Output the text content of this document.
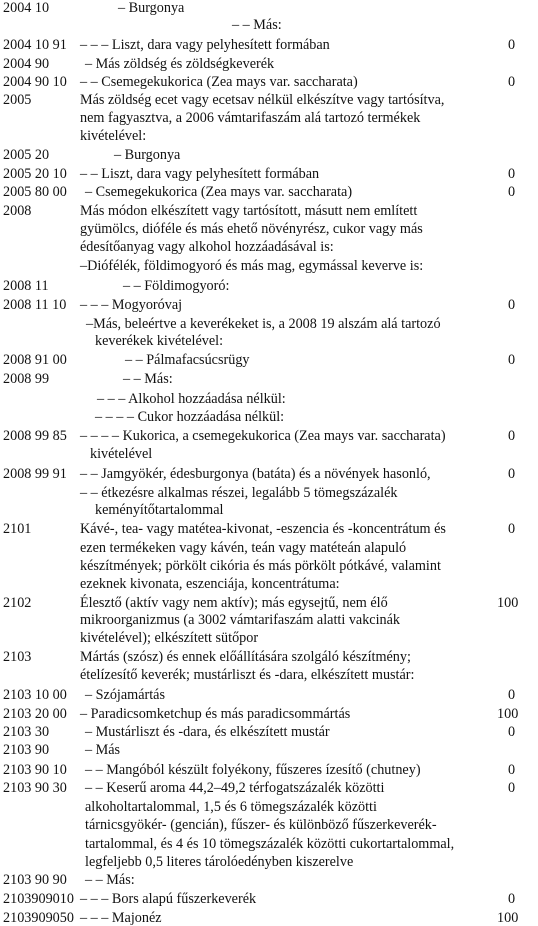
2004 10	– Burgonya
– – Más:
2004 10 91 – – – Liszt, dara vagy pelyhesített formában	0
2004 90	– Más zöldség és zöldségkeverék
2004 90 10 – – Csemegekukorica (Zea mays var. saccharata)	0
2005	Más zöldség ecet vagy ecetsav nélkül elkészítve vagy tartósítva,
nem fagyasztva, a 2006 vámtarifaszám alá tartozó termékek
kivételével:
2005 20	– Burgonya
2005 20 10 – – Liszt, dara vagy pelyhesített formában	0
2005 80 00 – Csemegekukorica (Zea mays var. saccharata)	0
2008	Más módon elkészített vagy tartósított, másutt nem említett
gyümölcs, dióféle és más ehető növényrész, cukor vagy más
édesítőanyag vagy alkohol hozzáadásával is:
–Diófélék, földimogyoró és más mag, egymással keverve is:
2008 11	– – Földimogyoró:
2008 11 10 – – – Mogyoróvaj	0
–Más, beleértve a keverékeket is, a 2008 19 alszám alá tartozó
keverékek kivételével:
2008 91 00	– – Pálmafacsúcsrügy	0
2008 99	– – Más:
– – – Alkohol hozzáadása nélkül:
– – – – Cukor hozzáadása nélkül:
2008 99 85 – – – – Kukorica, a csemegekukorica (Zea mays var. saccharata)	0
kivételével
2008 99 91 – – Jamgyökér, édesburgonya (batáta) és a növények hasonló,	0
– – étkezésre alkalmas részei, legalább 5 tömegszázalék
keményítőtartalommal
2101	Kávé-, tea- vagy matétea-kivonat, -eszencia és -koncentrátum és	0
ezen termékeken vagy kávén, teán vagy matéteán alapuló
készítmények; pörkölt cikória és más pörkölt pótkávé, valamint
ezeknek kivonata, eszenciája, koncentrátuma:
2102	Élesztő (aktív vagy nem aktív); más egysejtű, nem élő	100
mikroorganizmus (a 3002 vámtarifaszám alatti vakcinák
kivételével); elkészített sütőpor
2103	Mártás (szósz) és ennek előállítására szolgáló készítmény;
ételízesítő keverék; mustárliszt és -dara, elkészített mustár:
2103 10 00 – Szójamártás	0
2103 20 00 – Paradicsomketchup és más paradicsommártás	100
2103 30	– Mustárliszt és -dara, és elkészített mustár	0
2103 90	– Más
2103 90 10 – – Mangóból készült folyékony, fűszeres ízesítő (chutney)	0
2103 90 30 – – Keserű aroma 44,2–49,2 térfogatszázalék közötti	0
alkoholtartalommal, 1,5 és 6 tömegszázalék közötti
tárnicsgyökér- (gencián), fűszer- és különböző fűszerkeverék-
tartalommal, és 4 és 10 tömegszázalék közötti cukortartalommal,
legfeljebb 0,5 literes tárolóedényben kiszerelve
2103 90 90 – – Más:
2103909010 – – – Bors alapú fűszerkeverék	0
2103909050 – – – Majonéz	100
